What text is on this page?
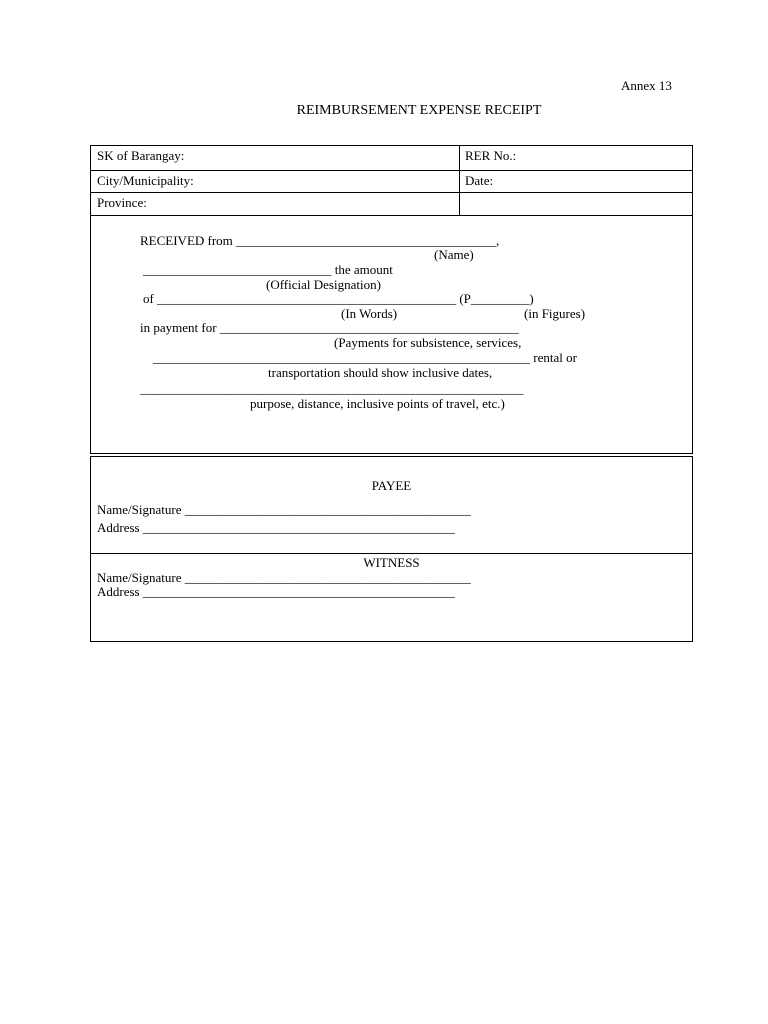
Annex 13
REIMBURSEMENT EXPENSE RECEIPT
SK of Barangay:	RER No.:
City/Municipality:	Date:
Province:
RECEIVED from ________________________________________,
(Name)
_____________________________ the amount
(Official Designation)
of ______________________________________________ (P_________)
(In Words)	(in Figures)
in payment for ______________________________________________
(Payments for subsistence, services,
__________________________________________________________ rental or
transportation should show inclusive dates,
___________________________________________________________
purpose, distance, inclusive points of travel, etc.)
PAYEE
Name/Signature ____________________________________________
Address ________________________________________________
WITNESS
Name/Signature ____________________________________________
Address ________________________________________________
